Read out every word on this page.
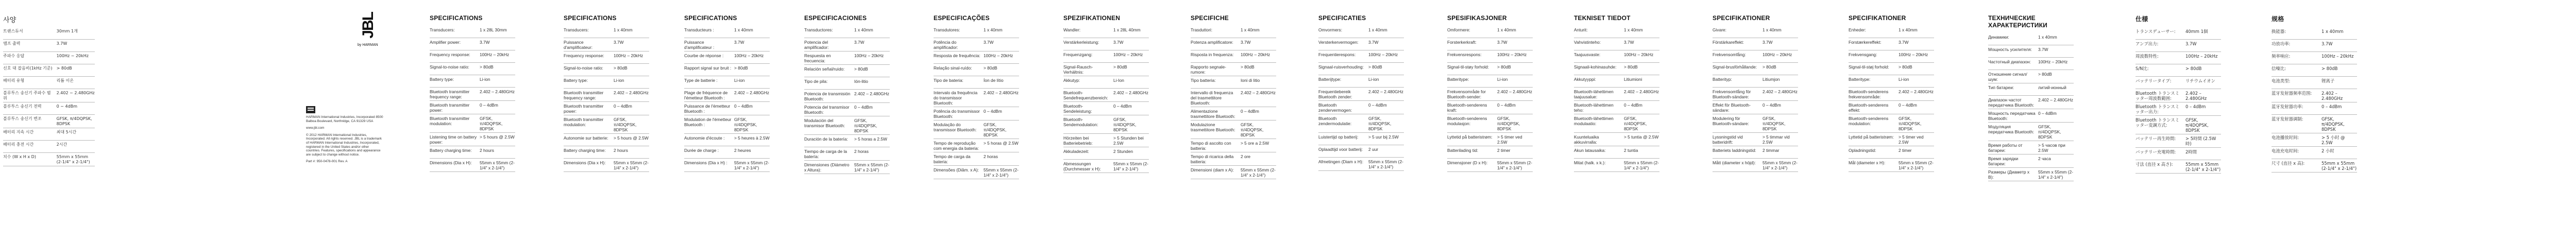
사양
트랜스듀서	30mm 1개
앰프 출력	3.7W
주파수 응답	100Hz ~ 20kHz
신호 대 잡음비(1kHz 기준)	> 80dB
배터리 유형	리튬 이온
블루투스 송신기 주파수 범위
2.402 ~ 2.480GHz
블루투스 송신기 전력	0 ~ 4dBm
블루투스 송신기 변조	GFSK, π/4DQPSK, 8DPSK
배터리 지속 시간	최대 5시간
배터리 충전 시간	2시간
치수 (W x H x D)	55mm x 55mm (2-1/4" x 2-1/4")
JBL
by HARMAN

HARMAN International Industries, Incorporated 8500 Balboa Boulevard, Northridge, CA 91329 USA

www.jbl.com

© 2012 HARMAN International Industries, Incorporated. All rights reserved. JBL is a trademark of HARMAN International Industries, Incorporated, registered in the United States and/or other countries. Features, specifications and appearance are subject to change without notice.

Part #: 950-0478-001 Rev. A

SPECIFICATIONS
Transducers:	1 x 28L 30mm
Amplifier power:	3.7W
Frequency response:	100Hz – 20kHz
Signal-to-noise ratio:	> 80dB
Battery type:	Li-ion
Bluetooth transmitter frequency range:
2.402 – 2.480GHz
Bluetooth transmitter power:
0 – 4dBm
Bluetooth transmitter modulation:
GFSK, π/4DQPSK, 8DPSK
Listening time on battery power:
> 5 hours @ 2.5W
Battery charging time:	2 hours
Dimensions (Dia x H):	55mm x 55mm (2-1/4" x 2-1/4")
SPECIFICATIONS
Transducers:	1 x 40mm
Puissance d'amplificateur:
3.7W
Frequency response:	100Hz – 20kHz
Signal-to-noise ratio:	> 80dB
Battery type:	Li-ion
Bluetooth transmitter frequency range:
2.402 – 2.480GHz
Bluetooth transmitter power:
0 – 4dBm
Bluetooth transmitter modulation:
GFSK, π/4DQPSK, 8DPSK
Autonomie sur batterie:	> 5 hours @ 2.5W
Battery charging time:	2 hours
Dimensions (Dia x H):	55mm x 55mm (2-1/4" x 2-1/4")
SPECIFICATIONS
Transducteurs :	1 x 40mm
Puissance d'amplificateur :
3.7W
Courbe de réponse :	100Hz – 20kHz
Rapport signal sur bruit : > 80dB
Type de batterie :	Li-ion
Plage de fréquence de l'émetteur Bluetooth :
2.402 – 2.480GHz
Puissance de l'émetteur Bluetooth :
0 – 4dBm
Modulation de l'émetteur Bluetooth :
GFSK, π/4DQPSK, 8DPSK
Autonomie d'écoute :	> 5 heures à 2.5W
Durée de charge :	2 heures
Dimensions (Dia x H) :	55mm x 55mm (2-1/4" x 2-1/4")
ESPECIFICACIONES
Transductores:	1 x 40mm
Potencia del amplificador:
3.7W
Respuesta en frecuencia:
100Hz – 20kHz
Relación señal/ruido:	> 80dB
Tipo de pila:	Ión-litio
Potencia de transmisión Bluetooth:
2.402 – 2.480GHz
Potencia del transmisor Bluetooth:
0 – 4dBm
Modulación del transmisor Bluetooth:
GFSK, π/4DQPSK, 8DPSK
Duración de la batería:	> 5 horas a 2.5W
Tiempo de carga de la batería:
2 horas
Dimensiones (Diámetro x Altura):
55mm x 55mm (2-1/4" x 2-1/4")
ESPECIFICAÇÕES
Transdutores:	1 x 40mm
Potência do amplificador:
3.7W
Resposta de frequência: 100Hz – 20kHz
Relação sinal-ruído:	> 80dB
Tipo de bateria:	Íon de lítio
Intervalo da frequência do transmissor Bluetooth:
2.402 – 2.480GHz
Potência do transmissor Bluetooth:
0 – 4dBm
Modulação do transmissor Bluetooth:
GFSK, π/4DQPSK, 8DPSK
Tempo de reprodução com energia da bateria:
> 5 horas @ 2.5W
Tempo de carga da bateria:
2 horas
Dimensões (Diâm. x A):	55mm x 55mm (2-1/4" x 2-1/4")
SPEZIFIKATIONEN
Wandler:	1 x 28L 40mm
Verstärkerleistung:	3.7W
Frequenzgang:	100Hz – 20kHz
Signal-Rausch-Verhältnis:
> 80dB
Akkutyp:	Li-Ion
Bluetooth-Sendefrequenzbereich:
2.402 – 2.480GHz
Bluetooth-Sendeleistung:
0 – 4dBm
Bluetooth-Sendemodulation:
GFSK, π/4DQPSK, 8DPSK
Hörzeiten bei Batteriebetrieb:
> 5 Stunden bei 2.5W
Akkuladezeit:	2 Stunden
Abmessungen (Durchmesser x H):
55mm x 55mm (2-1/4" x 2-1/4")
SPECIFICHE
Trasduttori:	1 x 40mm
Potenza amplificatore:	3.7W
Risposta in frequenza:	100Hz – 20kHz
Rapporto segnale-rumore:
> 80dB
Tipo batteria:	Ioni di litio
Intervallo di frequenza del trasmettitore Bluetooth:
2.402 – 2.480GHz
Alimentazione trasmettitore Bluetooth:
0 – 4dBm
Modulazione trasmettitore Bluetooth:
GFSK, π/4DQPSK, 8DPSK
Tempo di ascolto con batteria:
> 5 ore a 2.5W
Tempo di ricarica della batteria:
2 ore
Dimensioni (diam x A):	55mm x 55mm (2-1/4" x 2-1/4")
SPECIFICATIES
Omvormers:	1 x 40mm
Versterkervermogen:	3.7W
Frequentierespons:	100Hz – 20kHz
Signaal-ruisverhouding:	> 80dB
Batterijtype:	Li-ion
Frequentiebereik Bluetooth zender:
2.402 – 2.480GHz
Bluetooth zendervermogen:
0 – 4dBm
Bluetooth zendermodulatie:
GFSK, π/4DQPSK, 8DPSK
Luistertijd op batterij:	> 5 uur bij 2.5W
Oplaadtijd voor batterij:	2 uur
Afmetingen (Diam x H):	55mm x 55mm (2-1/4" x 2-1/4")
SPESIFIKASJONER
Omformere:	1 x 40mm
Forsterkerkraft:	3.7W
Frekvensrespons:	100Hz – 20kHz
Signal-til-støy forhold:	> 80dB
Batteritype:	Li-ion
Frekvensområde for Bluetooth-sender:
2.402 – 2.480GHz
Bluetooth-senderens kraft:
0 – 4dBm
Bluetooth-senderens modulasjon:
GFSK, π/4DQPSK, 8DPSK
Lyttetid på batteristrøm:	> 5 timer ved 2.5W
Batterilading tid:	2 timer
Dimensjoner (D x H):	55mm x 55mm (2-1/4" x 2-1/4")
TEKNISET TIEDOT
Anturit:	1 x 40mm
Vahvistinteho:	3.7W
Taajuusvaste:	100Hz – 20kHz
Signaali-kohinasuhde:	> 80dB
Akkutyyppi:	Litiumioni
Bluetooth-lähettimen taajuusalue:
2.402 – 2.480GHz
Bluetooth-lähettimen teho:
0 – 4dBm
Bluetooth-lähettimen modulaatio:
GFSK, π/4DQPSK, 8DPSK
Kuunteluaika akkuvirralla:
> 5 tuntia @ 2.5W
Akun latausaika:	2 tuntia
Mitat (halk. x k.):	55mm x 55mm (2-1/4" x 2-1/4")
SPECIFIKATIONER
Givare:	1 x 40mm
Förstärkareffekt:	3.7W
Frekvensomfång:	100Hz – 20kHz
Signal-brusförhållande:	> 80dB
Batterityp:	Litiumjon
Frekvensomfång för Bluetooth-sändare:
2.402 – 2.480GHz
Effekt för Bluetooth-sändare:
0 – 4dBm
Modulering för Bluetooth-sändare:
GFSK, π/4DQPSK, 8DPSK
Lyssningstid vid batteridrift:
> 5 timmar vid 2.5W
Batteriets laddningstid:	2 timmar
Mått (diameter x höjd):	55mm x 55mm (2-1/4" x 2-1/4")
SPECIFIKATIONER
Enheder:	1 x 40mm
Forstærkereffekt:	3.7W
Frekvensgang:	100Hz – 20kHz
Signal-til-støj forhold:	> 80dB
Batteritype:	Li-ion
Bluetooth-senderens frekvensområde:
2.402 – 2.480GHz
Bluetooth-senderens effekt:
0 – 4dBm
Bluetooth-senderens modulation:
GFSK, π/4DQPSK, 8DPSK
Lyttetid på batteristrøm:	> 5 timer ved 2.5W
Opladningstid:	2 timer
Mål (diameter x H):	55mm x 55mm (2-1/4" x 2-1/4")
ТЕХНИЧЕСКИЕ ХАРАКТЕРИСТИКИ
Динамики:	1 x 40mm
Мощность усилителя:	3.7W
Частотный диапазон:	100Hz – 20kHz
Отношение сигнал/шум:
> 80dB
Тип батареи:	литий-ионный
Диапазон частот передатчика Bluetooth:
2.402 – 2.480GHz
Мощность передатчика Bluetooth:
0 – 4dBm
Модуляция передатчика Bluetooth:
GFSK, π/4DQPSK, 8DPSK
Время работы от батареи:
> 5 часов при 2.5W
Время зарядки батареи:
2 часа
Размеры (Диаметр x В):
55mm x 55mm (2-1/4" x 2-1/4")
仕様
トランスデューサー:	40mm 1個
アンプ出力:	3.7W
周波数特性:	100Hz – 20kHz
S/N比:	> 80dB
バッテリータイプ:	リチウムイオン
Bluetooth トランスミッター周波数範囲:
2.402 – 2.480GHz
Bluetooth トランスミッター出力:
0 – 4dBm
Bluetooth トランスミッター変調方式:
GFSK, π/4DQPSK, 8DPSK
バッテリー再生時間:	> 5時間 (2.5W時)
バッテリー充電時間:	2時間
寸法 (直径 x 高さ):	55mm x 55mm (2-1/4" x 2-1/4")
规格
换能器:	1 x 40mm
功放功率:	3.7W
频率响应:	100Hz – 20kHz
信噪比:	> 80dB
电池类型:	锂离子
蓝牙发射器频率范围:	2.402 – 2.480GHz
蓝牙发射器功率:	0 – 4dBm
蓝牙发射器调制:	GFSK, π/4DQPSK, 8DPSK
电池播放时间:	> 5 小时 @ 2.5W
电池充电时间:	2 小时
尺寸 (直径 x 高):	55mm x 55mm (2-1/4" x 2-1/4")
